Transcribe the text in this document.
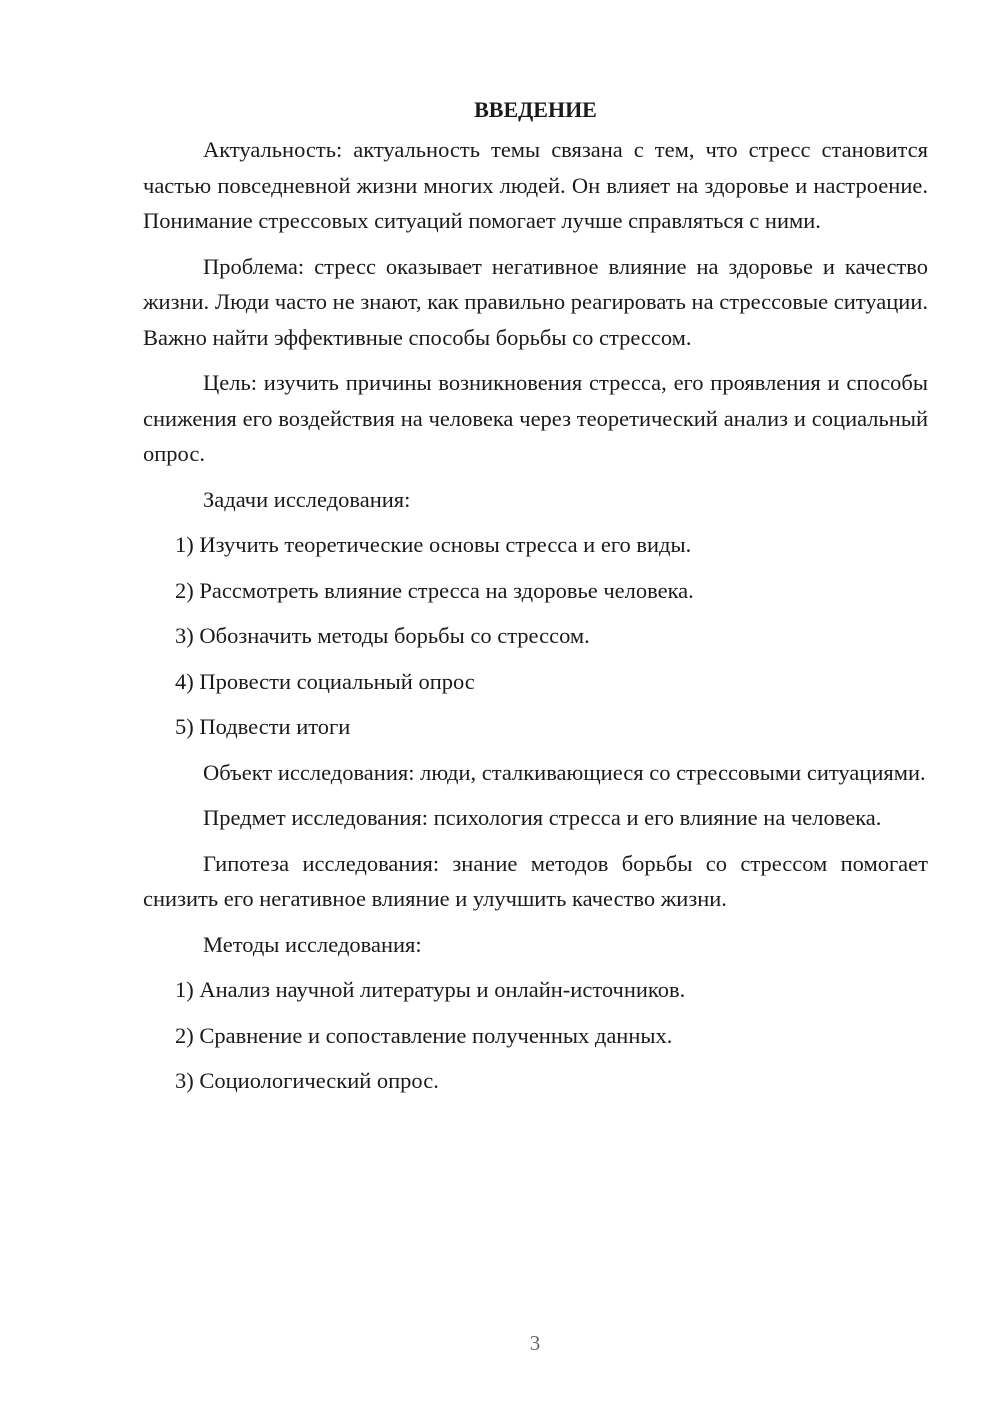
ВВЕДЕНИЕ

Актуальность: актуальность темы связана с тем, что стресс становится частью повседневной жизни многих людей. Он влияет на здоровье и настроение. Понимание стрессовых ситуаций помогает лучше справляться с ними.

Проблема: стресс оказывает негативное влияние на здоровье и качество жизни. Люди часто не знают, как правильно реагировать на стрессовые ситуации. Важно найти эффективные способы борьбы со стрессом.

Цель: изучить причины возникновения стресса, его проявления и способы снижения его воздействия на человека через теоретический анализ и социальный опрос.

Задачи исследования:

1) Изучить теоретические основы стресса и его виды.
2) Рассмотреть влияние стресса на здоровье человека.
3) Обозначить методы борьбы со стрессом.
4) Провести социальный опрос
5) Подвести итоги

Объект исследования: люди, сталкивающиеся со стрессовыми ситуациями.

Предмет исследования: психология стресса и его влияние на человека.

Гипотеза исследования: знание методов борьбы со стрессом помогает снизить его негативное влияние и улучшить качество жизни.

Методы исследования:

1) Анализ научной литературы и онлайн-источников.
2) Сравнение и сопоставление полученных данных.
3) Социологический опрос.
3
